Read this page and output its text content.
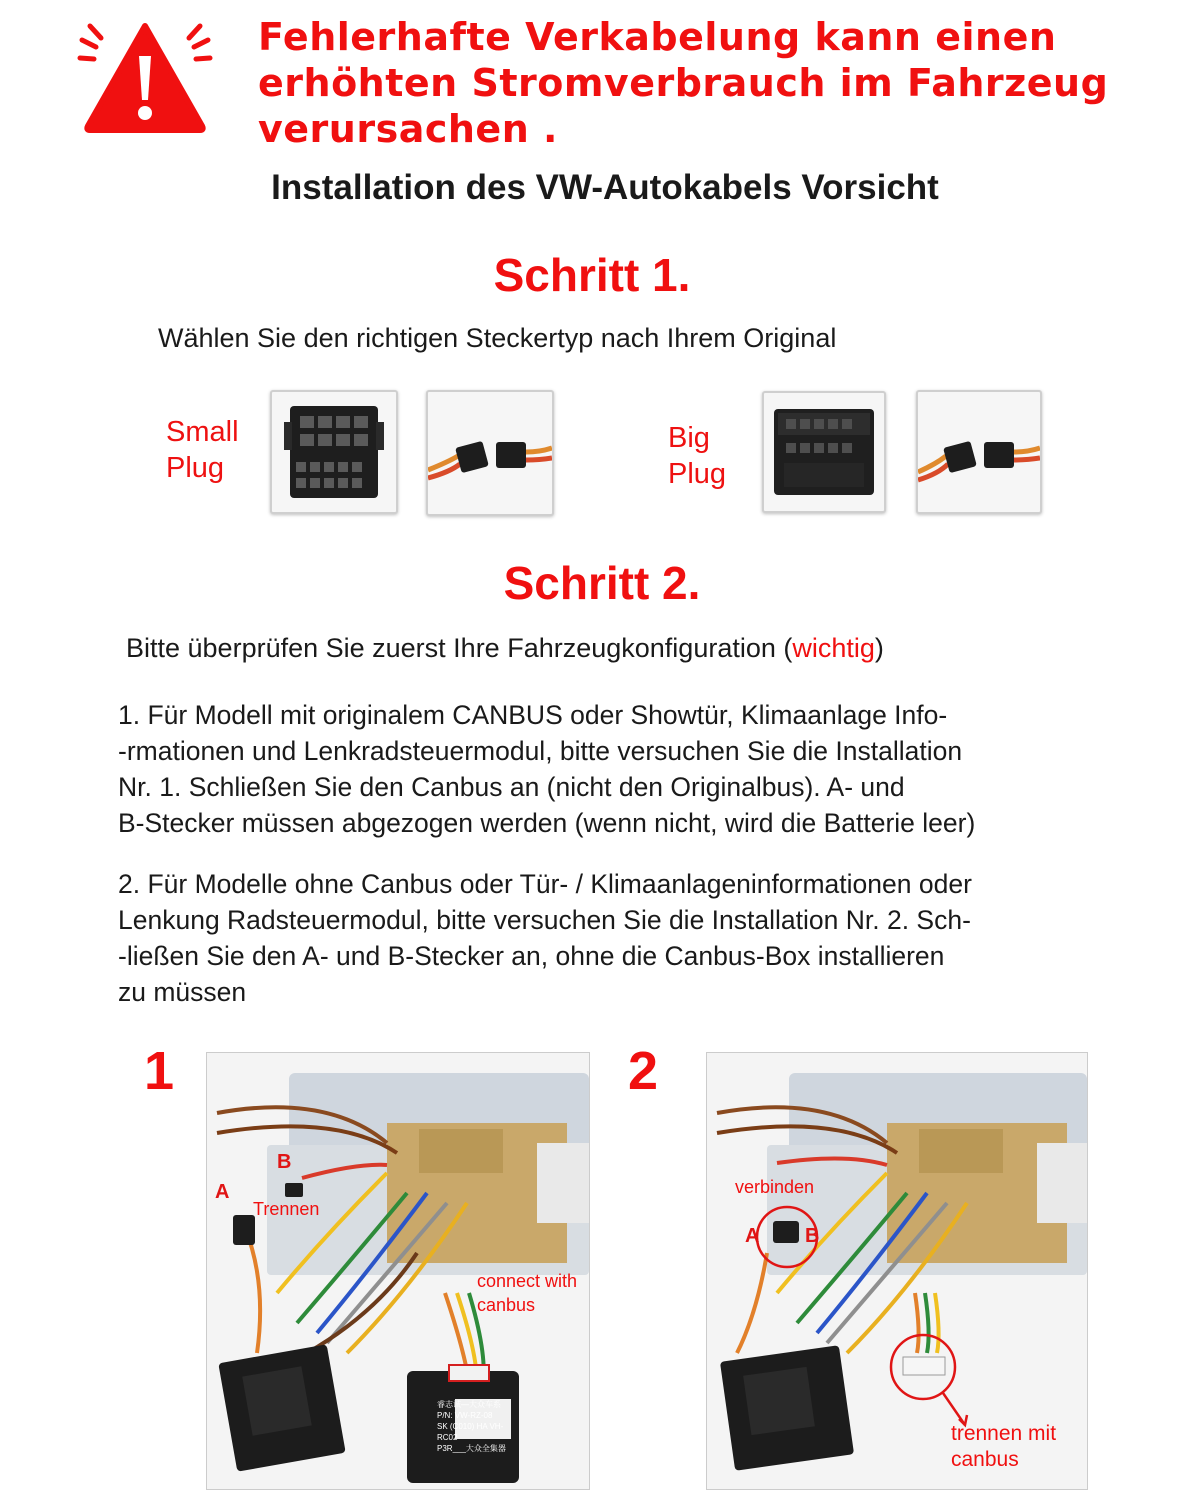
Fehlerhafte Verkabelung kann einen
erhöhten Stromverbrauch im Fahrzeug
verursachen .
Installation des VW-Autokabels Vorsicht
Schritt 1.
Wählen Sie den richtigen Steckertyp nach Ihrem Original
Small
Plug
Big
Plug
Schritt 2.
Bitte überprüfen Sie zuerst Ihre Fahrzeugkonfiguration (wichtig)
1. Für Modell mit originalem CANBUS oder Showtür, Klimaanlage Info-
-rmationen und Lenkradsteuermodul, bitte versuchen Sie die Installation
Nr. 1. Schließen Sie den Canbus an (nicht den Originalbus). A- und
B-Stecker müssen abgezogen werden (wenn nicht, wird die Batterie leer)
2. Für Modelle ohne Canbus oder Tür- / Klimaanlageninformationen oder
Lenkung Radsteuermodul, bitte versuchen Sie die Installation Nr. 2. Sch-
-ließen Sie den A- und B-Stecker an, ohne die Canbus-Box installieren
zu müssen
1	2
A
B
Trennen
connect with
canbus
睿志诚—大众车系
P/N: VW-RZ-08
SK (C010) HA VH-RC02
P3R___大众全集器
verbinden
A B
trennen mit
canbus
